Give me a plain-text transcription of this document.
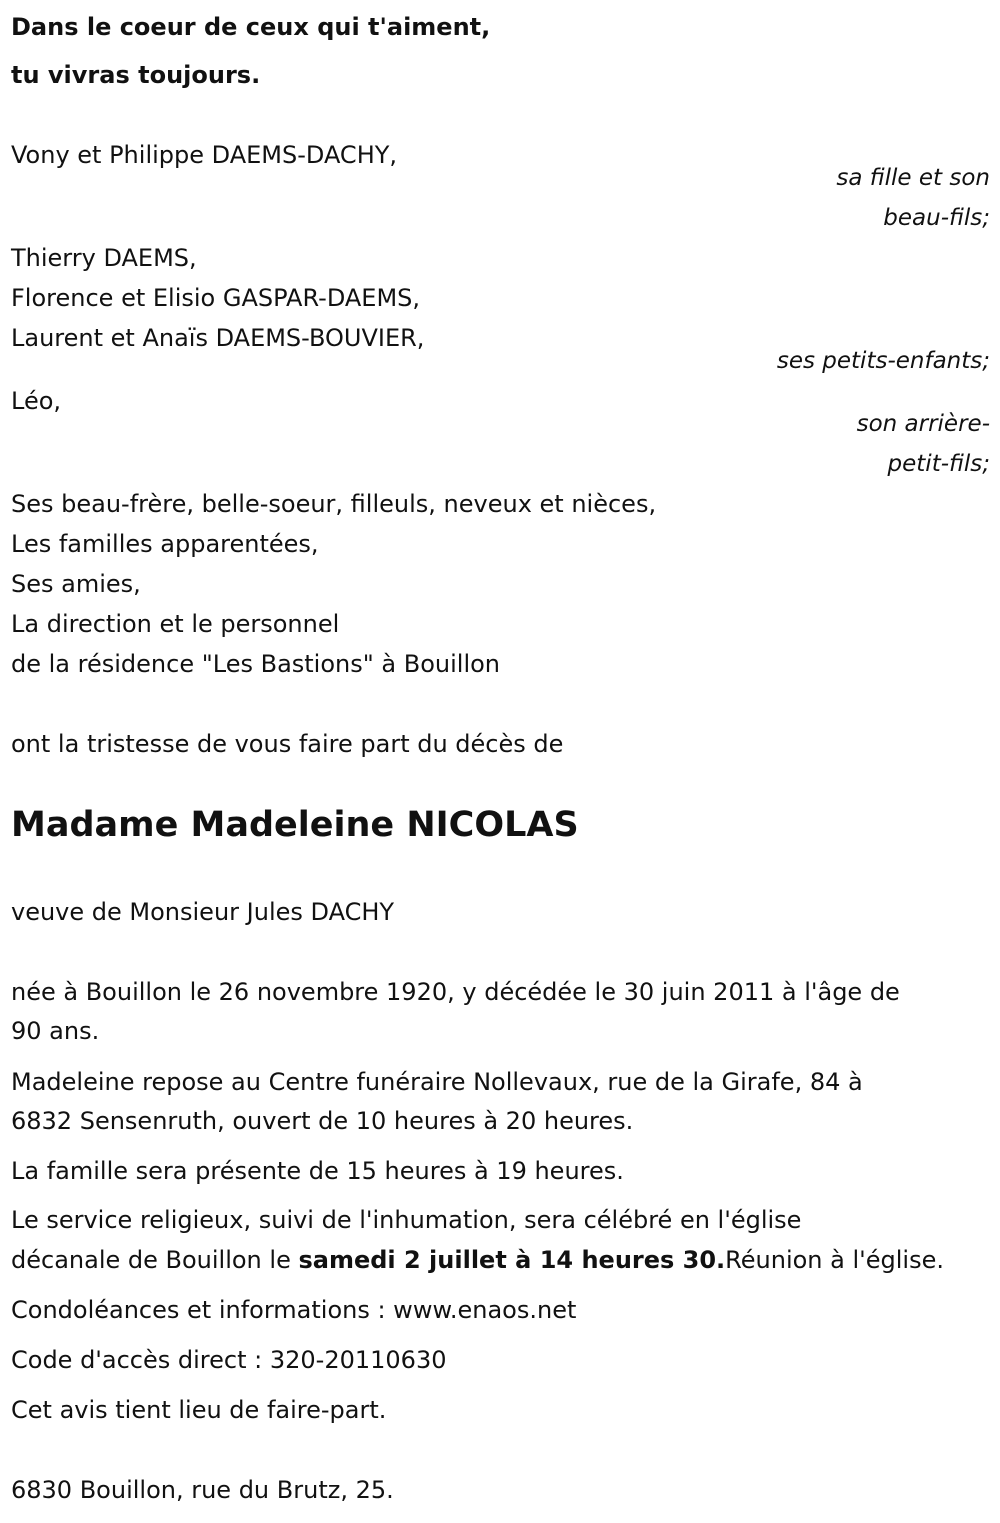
Dans le coeur de ceux qui t'aiment,
tu vivras toujours.
Vony et Philippe DAEMS-DACHY,
sa fille et son
beau-fils;
Thierry DAEMS,
Florence et Elisio GASPAR-DAEMS,
Laurent et Anaïs DAEMS-BOUVIER,
ses petits-enfants;
Léo,
son arrière-
petit-fils;
Ses beau-frère, belle-soeur, filleuls, neveux et nièces,
Les familles apparentées,
Ses amies,
La direction et le personnel
de la résidence "Les Bastions" à Bouillon
ont la tristesse de vous faire part du décès de
Madame Madeleine NICOLAS
veuve de Monsieur Jules DACHY
née à Bouillon le 26 novembre 1920, y décédée le 30 juin 2011 à l'âge de
90 ans.
Madeleine repose au Centre funéraire Nollevaux, rue de la Girafe, 84 à
6832 Sensenruth, ouvert de 10 heures à 20 heures.
La famille sera présente de 15 heures à 19 heures.
Le service religieux, suivi de l'inhumation, sera célébré en l'église
décanale de Bouillon le samedi 2 juillet à 14 heures 30.Réunion à l'église.
Condoléances et informations : www.enaos.net
Code d'accès direct : 320-20110630
Cet avis tient lieu de faire-part.
6830 Bouillon, rue du Brutz, 25.
